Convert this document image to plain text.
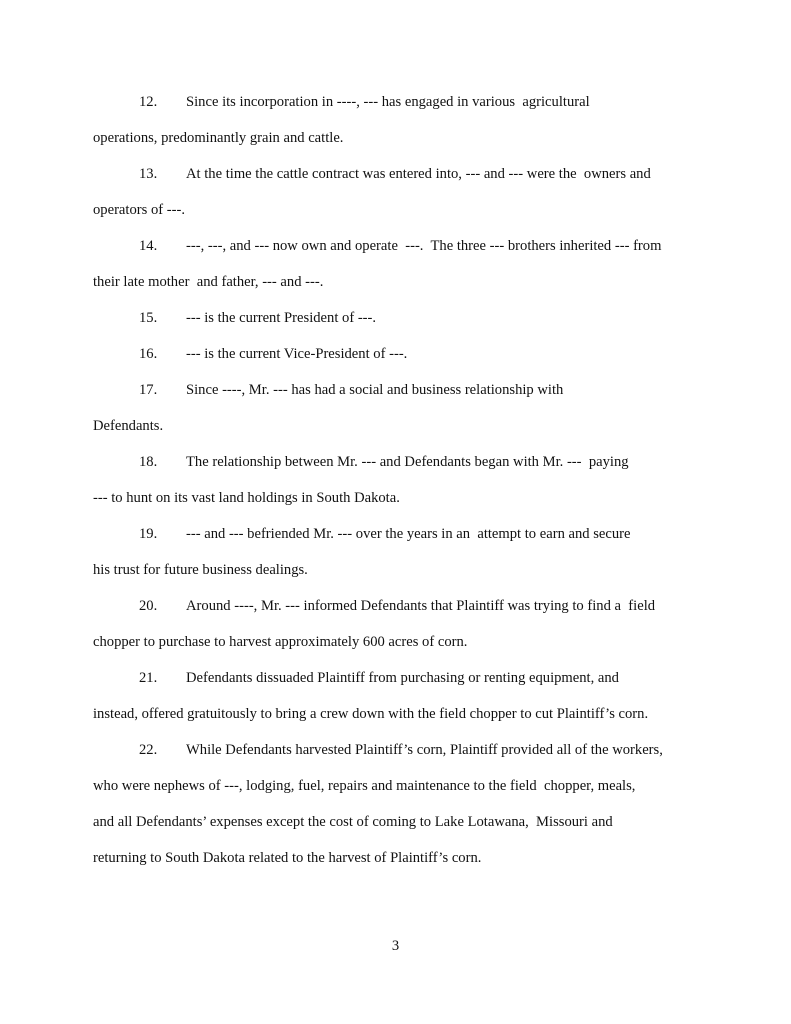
12. Since its incorporation in ----, --- has engaged in various  agricultural
operations, predominantly grain and cattle.
13. At the time the cattle contract was entered into, --- and --- were the  owners and
operators of ---.
14. ---, ---, and --- now own and operate  ---.  The three --- brothers inherited --- from
their late mother  and father, --- and ---.
15. --- is the current President of ---.
16. --- is the current Vice-President of ---.
17. Since ----, Mr. --- has had a social and business relationship with
Defendants.
18. The relationship between Mr. --- and Defendants began with Mr. ---  paying
--- to hunt on its vast land holdings in South Dakota.
19. --- and --- befriended Mr. --- over the years in an  attempt to earn and secure
his trust for future business dealings.
20. Around ----, Mr. --- informed Defendants that Plaintiff was trying to find a  field
chopper to purchase to harvest approximately 600 acres of corn.
21. Defendants dissuaded Plaintiff from purchasing or renting equipment, and
instead, offered gratuitously to bring a crew down with the field chopper to cut Plaintiff’s corn.
22. While Defendants harvested Plaintiff’s corn, Plaintiff provided all of the workers,
who were nephews of ---, lodging, fuel, repairs and maintenance to the field  chopper, meals,
and all Defendants’ expenses except the cost of coming to Lake Lotawana,  Missouri and
returning to South Dakota related to the harvest of Plaintiff’s corn.
3
